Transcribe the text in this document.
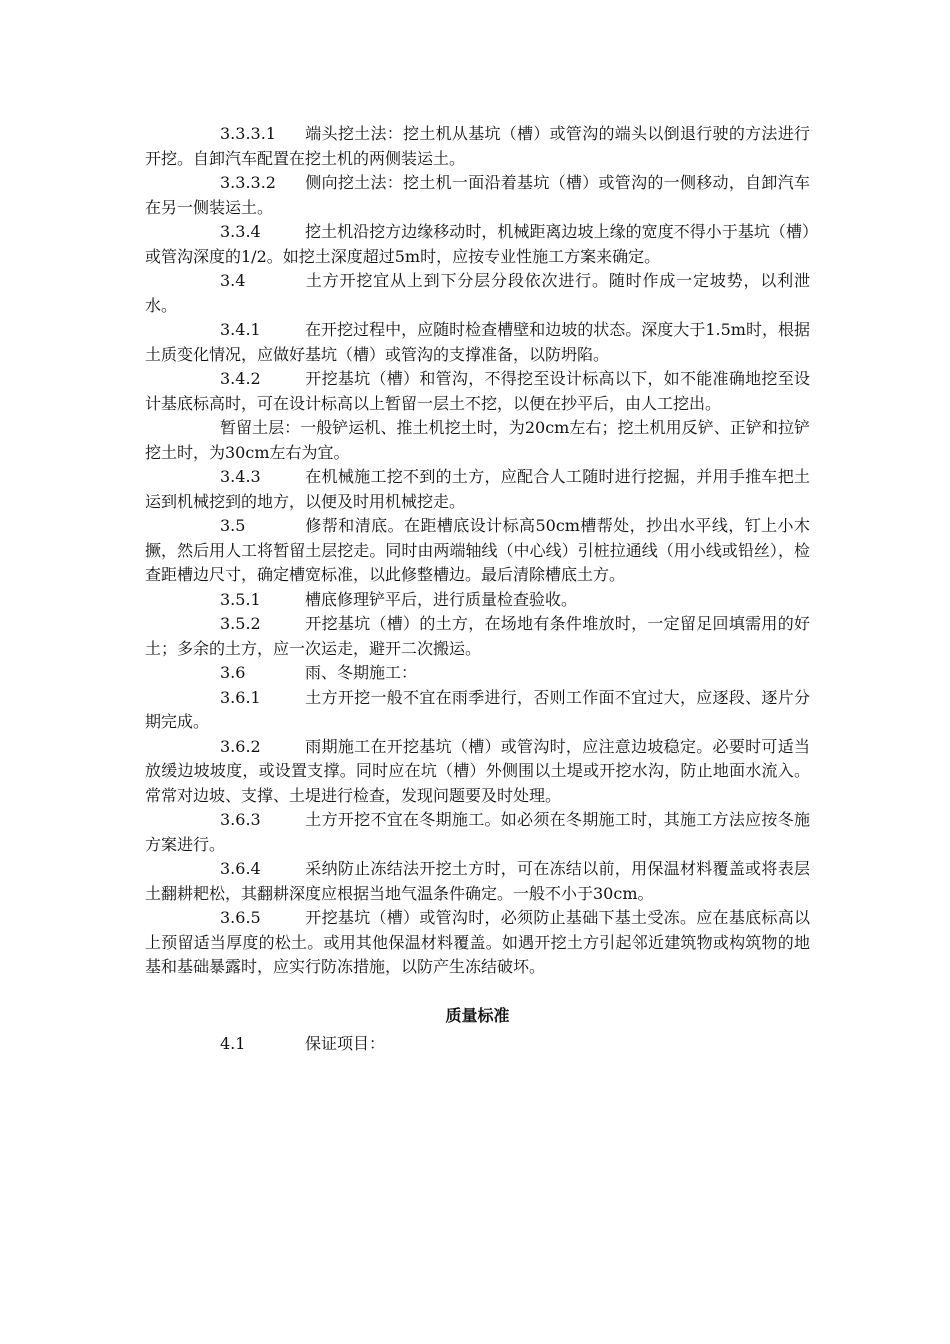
3.3.3.1 端头挖土法：挖土机从基坑（槽）或管沟的端头以倒退行驶的方法进行开挖。自卸汽车配置在挖土机的两侧装运土。

3.3.3.2 侧向挖土法：挖土机一面沿着基坑（槽）或管沟的一侧移动，自卸汽车在另一侧装运土。

3.3.4	挖土机沿挖方边缘移动时，机械距离边坡上缘的宽度不得小于基坑（槽）或管沟深度的1/2。如挖土深度超过5m时，应按专业性施工方案来确定。

3.4	土方开挖宜从上到下分层分段依次进行。随时作成一定坡势，以利泄水。

3.4.1	在开挖过程中，应随时检查槽壁和边坡的状态。深度大于1.5m时，根据土质变化情况，应做好基坑（槽）或管沟的支撑准备，以防坍陷。

3.4.2	开挖基坑（槽）和管沟，不得挖至设计标高以下，如不能准确地挖至设计基底标高时，可在设计标高以上暂留一层土不挖，以便在抄平后，由人工挖出。

暂留土层：一般铲运机、推土机挖土时，为20cm左右；挖土机用反铲、正铲和拉铲挖土时，为30cm左右为宜。

3.4.3	在机械施工挖不到的土方，应配合人工随时进行挖掘，并用手推车把土运到机械挖到的地方，以便及时用机械挖走。

3.5	修帮和清底。在距槽底设计标高50cm槽帮处，抄出水平线，钉上小木撅，然后用人工将暂留土层挖走。同时由两端轴线（中心线）引桩拉通线（用小线或铅丝），检查距槽边尺寸，确定槽宽标准，以此修整槽边。最后清除槽底土方。

3.5.1	槽底修理铲平后，进行质量检查验收。

3.5.2	开挖基坑（槽）的土方，在场地有条件堆放时，一定留足回填需用的好土；多余的土方，应一次运走，避开二次搬运。

3.6	雨、冬期施工：

3.6.1	土方开挖一般不宜在雨季进行，否则工作面不宜过大，应逐段、逐片分期完成。

3.6.2	雨期施工在开挖基坑（槽）或管沟时，应注意边坡稳定。必要时可适当放缓边坡坡度，或设置支撑。同时应在坑（槽）外侧围以土堤或开挖水沟，防止地面水流入。常常对边坡、支撑、土堤进行检查，发现问题要及时处理。

3.6.3	土方开挖不宜在冬期施工。如必须在冬期施工时，其施工方法应按冬施方案进行。

3.6.4	采纳防止冻结法开挖土方时，可在冻结以前，用保温材料覆盖或将表层土翻耕耙松，其翻耕深度应根据当地气温条件确定。一般不小于30cm。

3.6.5	开挖基坑（槽）或管沟时，必须防止基础下基土受冻。应在基底标高以上预留适当厚度的松土。或用其他保温材料覆盖。如遇开挖土方引起邻近建筑物或构筑物的地基和基础暴露时，应实行防冻措施，以防产生冻结破坏。

质量标准

4.1	保证项目：
